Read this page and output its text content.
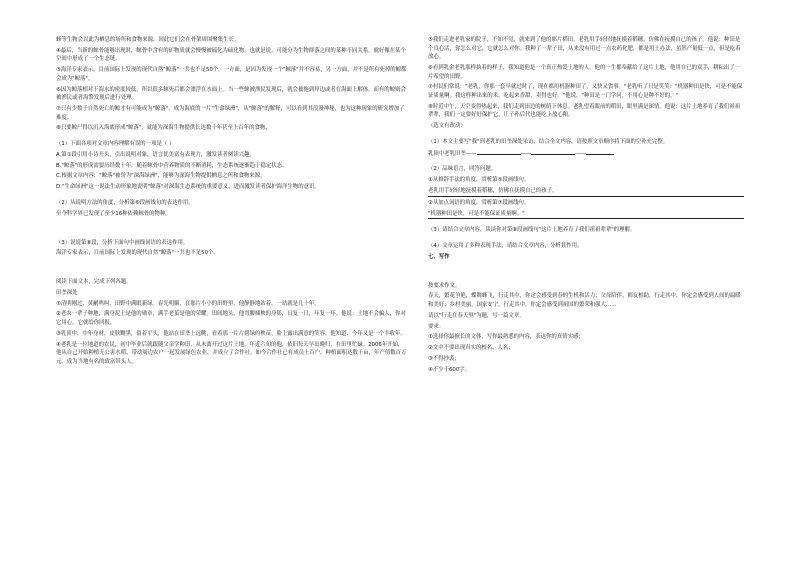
蜂等生物会以此为栖息的场所和食物来源，因此它们会在骨架周围聚集生长。

④最后，当新的鲸骨能够出现时，鲸骨中含有的矿物质就会慢慢被硫化为硫化物，也就是说，可能分为生物群落之间的某种不同关系，就好像在某个空间中形成了一个生态链。

⑤海洋专家表示，目前国际上发现的现代自然"鲸落"一共也不足50个。一方面，是因为发现一个"鲸落"并不容易，另一方面，并不是所有死掉的鲸都会成为"鲸落"。

⑥因为鲸落相对于海水的密度较低，所以很多鲸死后都会漂浮在水面上。当一些鲸被渔民发现后，就会被拖到岸边或者在海面上解体，而有的鲸则会被渔民或者海警发现后进行处理。

⑦只有少数于自然死亡的鲸才有可能成为"鲸落"，成为海底的一片"生命绿洲"，从"鲸落"的解释，可以看到其浪漫神秘，也为这种现象的研究增加了难度。

⑧只要鲸尸得以沉入海底形成"鲸落"，就能为深海生物提供长达数十年甚至上百年的食物，

（1）下面各项对文章内容理解有误的一项是（ ）

A.第①段引用小诗开头，引出说明对象，语言优美富有表现力，激发读者阅读兴趣。

B."鲸落"的形成需要历经数十年，随着鲸骨中营养物质的不断消耗，生态系统逐渐趋于稳定状态。

C.根据文章内容，"鲸落"被誉为"深海绿洲"，能够为深海生物提供栖息之所和食物来源。

D."生命绿洲"这一说法生动形象地说明"鲸落"对深海生态系统的重要意义，进而激发读者保护海洋生物的意识。

（2）从说明方法的角度，分析第⑥段画线句的表达作用。

至今科学界已发现了至少16种依赖鲸骨的物种。

（3）说说第⑧段，分析下面句中画线词语的表达作用。

海洋专家表示，目前国际上发现的现代自然"鲸落"一共也不足50个。

阅读下面文本，完成下列各题。

田垄深处

①清明刚过，黄鹂鸣叫，田野中满眼新绿。春光明媚，在那片小小的田野里，他静静地站着，一站就是几十年。

②老农一辈子种地，满身泥土是他的勋章，满手老茧是他的荣耀。田间地头，他弯腰插秧的身影，日复一日，年复一年。他说：土地不会骗人，你对它用心，它就给你回报。

③乳顶中，中年身材，皮肤黝黑，留着平头，他站在田垄上远眺，看着那一片片碧绿的秧苗，脸上露出满意的笑容。他知道，今年又是一个丰收年。

④老乳是一位地道的农民，初中毕业后就跟随父亲学种田，从未离开过这片土地。年近六旬的他，依旧每天早出晚归，在田里忙碌。2006年开始，他从自己开始种植无公害水稻，带动周边农户一起发展绿色农业，并成立了合作社。如今合作社已有成员上百户，种植面积达数千亩，年产值数百万元，成为当地有名的致富带头人。

⑤我们走进老乳家的院子，不知不觉，就来到了他的那片稻田。老乳用手轻轻地抚摸着稻穗，仿佛在抚摸自己的孩子。他说：种田是个良心活，你怎么对它，它就怎么对你。我种了一辈子田，从来没有用过一点农药化肥，都是用土办法，虽然产量低一点，但是吃着放心。

⑥看到乳金老乳那样执着的样子，我知道他是一个真正热爱土地的人，他的一生都奉献给了这片土地，他用自己的双手，耕耘出了一片希望的田野。

⑦村民们常说："老乳，你那一套早就过时了，现在都用机器种田了，又快又省事。"老乳听了只是笑笑："机器种田是快，可是不能保证质量啊。我这样种出来的米，吃起来香甜，卖得也好。"他说，"种田是一门学问，不用心是种不好的。"

⑧时近中午，天空变得热起来，我们走到田边的树荫下休息。老乳望着眼前的稻田，眼里满是深情。他说：这片土地养育了我们祖祖辈辈，我们一定要好好保护它，让子孙后代也能吃上放心粮。

（选文有改动）

（1）本文主要写"我"到老乳的田垄深处采访，结合全文内容，请按照文章顺序将下面的空补充完整。

乳顶中老乳田垄——	——	——

（2）品味语言，回答问题。

①从修辞手法的角度，赏析第⑤段画线句。

老乳用手轻轻地抚摸着稻穗，仿佛在抚摸自己的孩子。

②从加点词语的角度，赏析第⑦段画线句。

"机器种田是快，可是不能保证质量啊。"

（3）请结合文章内容，谈谈你对第⑧段画线句"这片土地养育了我们祖祖辈辈"的理解。

（4）文章运用了多种表现手法，请结合文章内容，分析其作用。

七、写作

按要求作文。

春天，繁花争艳，蝶舞蜂飞，行走其中，你定会感受到春的生机和活力；父母陪伴，师友相助，行走其中，你定会感受到人间的温暖和美好；乡村美丽，国家安宁，行走其中，你定会感受到祖国的繁荣和强大……

请以"行走在春天里"为题，写一篇文章。

要求：

①选择你最擅长的文体，写你最熟悉的内容，表达你的真情实感；

②文中不要出现真实的校名、人名；

③不得抄袭；

④不少于600字。
